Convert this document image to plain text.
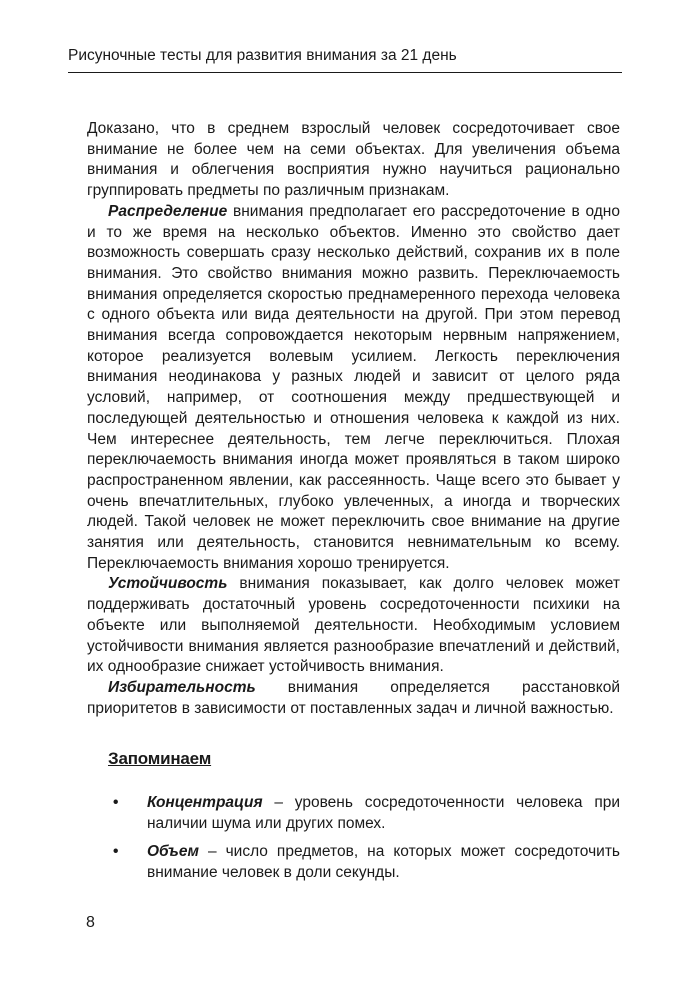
Рисуночные тесты для развития внимания за 21 день

Доказано, что в среднем взрослый человек сосредоточивает свое внимание не более чем на семи объектах. Для увеличения объема внимания и облегчения восприятия нужно научиться рационально группировать предметы по различным признакам.

Распределение внимания предполагает его рассредоточение в одно и то же время на несколько объектов. Именно это свойство дает возможность совершать сразу несколько действий, сохранив их в поле внимания. Это свойство внимания можно развить. Переключаемость внимания определяется скоростью преднамеренного перехода человека с одного объекта или вида деятельности на другой. При этом перевод внимания всегда сопровождается некоторым нервным напряжением, которое реализуется волевым усилием. Легкость переключения внимания неодинакова у разных людей и зависит от целого ряда условий, например, от соотношения между предшествующей и последующей деятельностью и отношения человека к каждой из них. Чем интереснее деятельность, тем легче переключиться. Плохая переключаемость внимания иногда может проявляться в таком широко распространенном явлении, как рассеянность. Чаще всего это бывает у очень впечатлительных, глубоко увлеченных, а иногда и творческих людей. Такой человек не может переключить свое внимание на другие занятия или деятельность, становится невнимательным ко всему. Переключаемость внимания хорошо тренируется.

Устойчивость внимания показывает, как долго человек может поддерживать достаточный уровень сосредоточенности психики на объекте или выполняемой деятельности. Необходимым условием устойчивости внимания является разнообразие впечатлений и действий, их однообразие снижает устойчивость внимания.

Избирательность внимания определяется расстановкой приоритетов в зависимости от поставленных задач и личной важностью.

Запоминаем
• Концентрация – уровень сосредоточенности человека при наличии шума или других помех.
• Объем – число предметов, на которых может сосредоточить внимание человек в доли секунды.
8
